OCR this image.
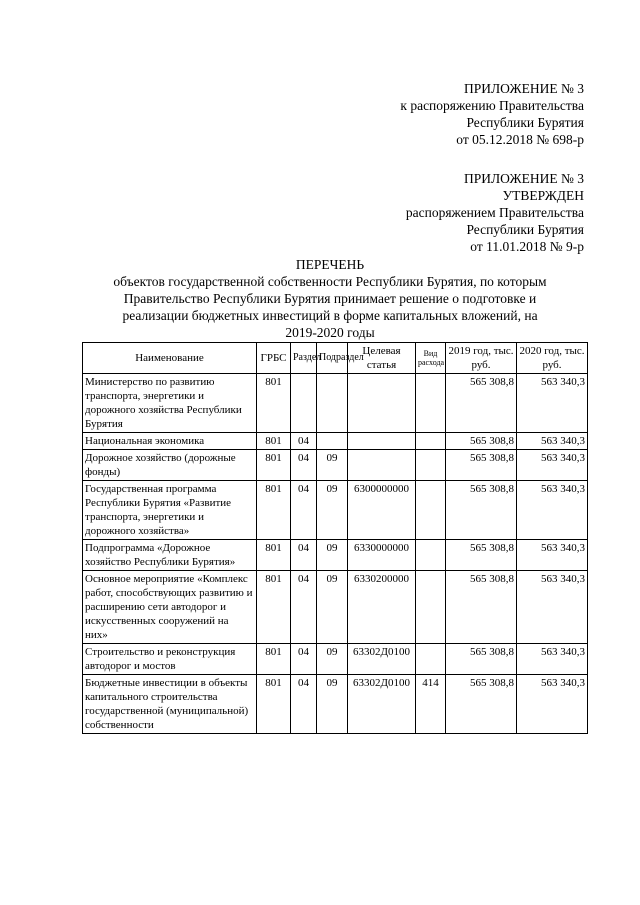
ПРИЛОЖЕНИЕ № 3
к распоряжению Правительства
Республики Бурятия
от 05.12.2018 № 698-р
ПРИЛОЖЕНИЕ № 3
УТВЕРЖДЕН
распоряжением Правительства
Республики Бурятия
от 11.01.2018 № 9-р
ПЕРЕЧЕНЬ
объектов государственной собственности Республики Бурятия, по которым
Правительство Республики Бурятия принимает решение о подготовке и
реализации бюджетных инвестиций в форме капитальных вложений, на
2019-2020 годы
Наименование	ГРБС	Раздел	Подраздел	Целевая статья	Вид расхода	2019 год, тыс. руб.	2020 год, тыс. руб.
Министерство по развитию транспорта, энергетики и дорожного хозяйства Республики Бурятия	801					565 308,8	563 340,3
Национальная экономика	801	04				565 308,8	563 340,3
Дорожное хозяйство (дорожные фонды)	801	04	09			565 308,8	563 340,3
Государственная программа Республики Бурятия «Развитие транспорта, энергетики и дорожного хозяйства»	801	04	09	6300000000		565 308,8	563 340,3
Подпрограмма «Дорожное хозяйство Республики Бурятия»	801	04	09	6330000000		565 308,8	563 340,3
Основное мероприятие «Комплекс работ, способствующих развитию и расширению сети автодорог и искусственных сооружений на них»	801	04	09	6330200000		565 308,8	563 340,3
Строительство и реконструкция автодорог и мостов	801	04	09	63302Д0100		565 308,8	563 340,3
Бюджетные инвестиции в объекты капитального строительства государственной (муниципальной) собственности	801	04	09	63302Д0100	414	565 308,8	563 340,3
